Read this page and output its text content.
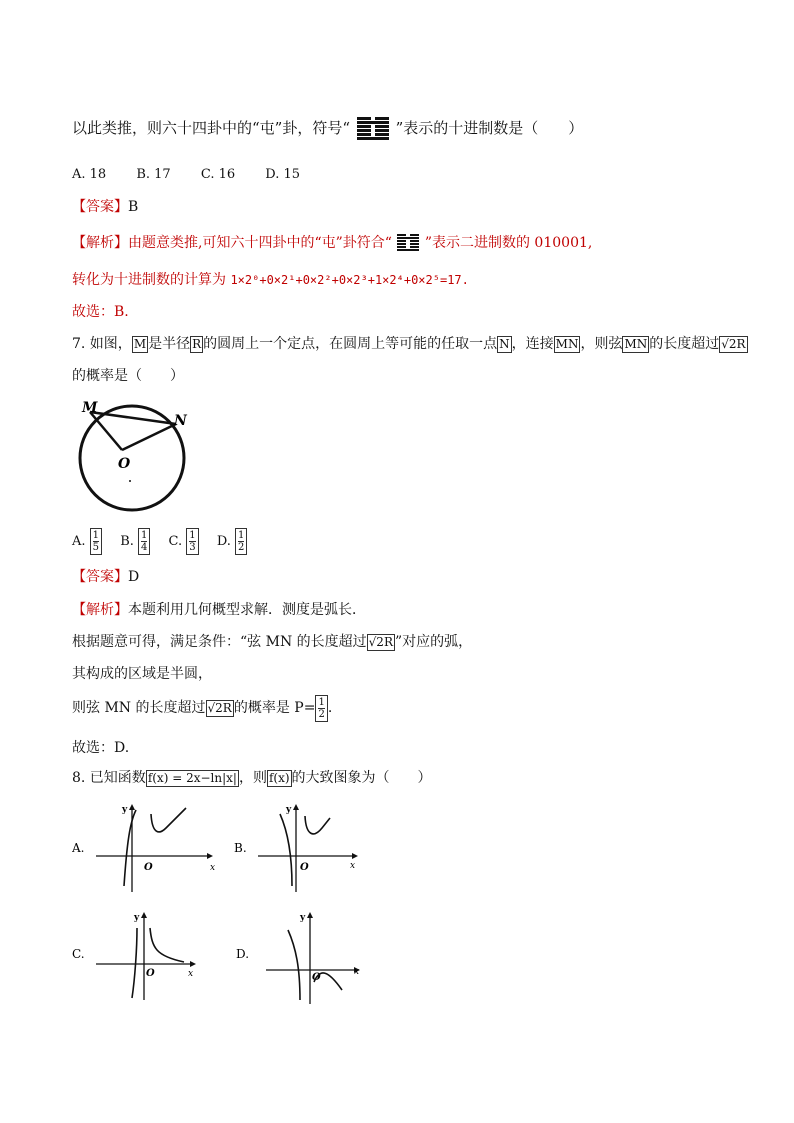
以此类推，则六十四卦中的“屯”卦，符号“	”表示的十进制数是（　　）
A. 18 B. 17 C. 16 D. 15
【答案】B
【解析】由题意类推,可知六十四卦中的“屯”卦符合“ ”表示二进制数的 010001,
转化为十进制数的计算为 1×2⁰+0×2¹+0×2²+0×2³+1×2⁴+0×2⁵=17.
故选：B.
7. 如图， M 是半径 R 的圆周上一个定点，在圆周上等可能的任取一点 N ，连接 MN ，则弦 MN 的长度超过 √2R
的概率是（　　）
M
N
O
A. $\frac{1}{5} B$. $\frac{1}{4} C$. $\frac{1}{3} D$. $\frac{1}{2}$
【答案】D
【解析】本题利用几何概型求解．测度是弧长．
根据题意可得，满足条件：“弦 MN 的长度超过 √2R ”对应的弧，
其构成的区域是半圆，
则弦 MN 的长度超过 √2R 的概率是 $P= \frac{1}{2}$ .
故选：D.
8. 已知函数 f(x) = 2x−ln|x| ，则 f(x) 的大致图象为（　　）
A.
y
x
O
B.
y
x
O
C.
y
x
O
D.
y
x
O
